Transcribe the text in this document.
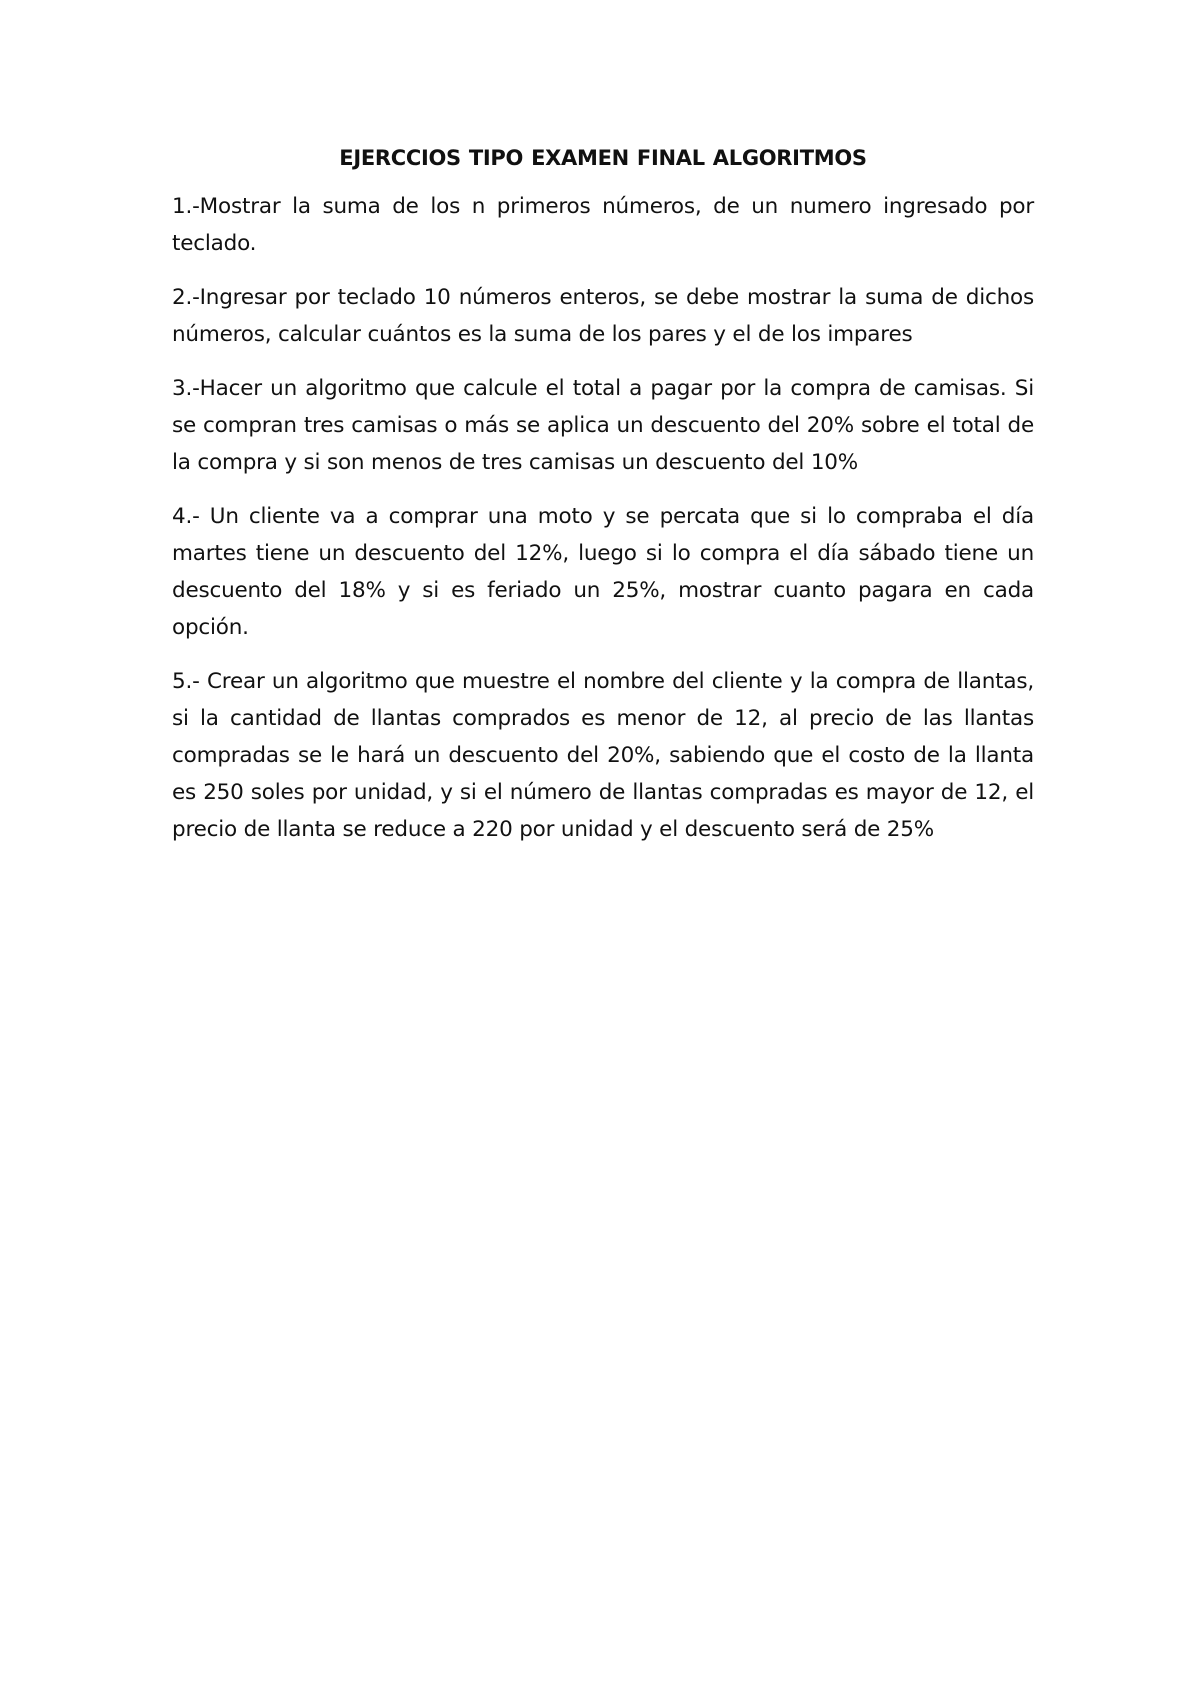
EJERCCIOS TIPO EXAMEN FINAL ALGORITMOS

1.-Mostrar la suma de los n primeros números, de un numero ingresado por teclado.

2.-Ingresar por teclado 10 números enteros, se debe mostrar la suma de dichos números, calcular cuántos es la suma de los pares y el de los impares

3.-Hacer un algoritmo que calcule el total a pagar por la compra de camisas. Si se compran tres camisas o más se aplica un descuento del 20% sobre el total de la compra y si son menos de tres camisas un descuento del 10%

4.- Un cliente va a comprar una moto y se percata que si lo compraba el día martes tiene un descuento del 12%, luego si lo compra el día sábado tiene un descuento del 18% y si es feriado un 25%, mostrar cuanto pagara en cada opción.

5.- Crear un algoritmo que muestre el nombre del cliente y la compra de llantas, si la cantidad de llantas comprados es menor de 12, al precio de las llantas compradas se le hará un descuento del 20%, sabiendo que el costo de la llanta es 250 soles por unidad, y si el número de llantas compradas es mayor de 12, el precio de llanta se reduce a 220 por unidad y el descuento será de 25%
